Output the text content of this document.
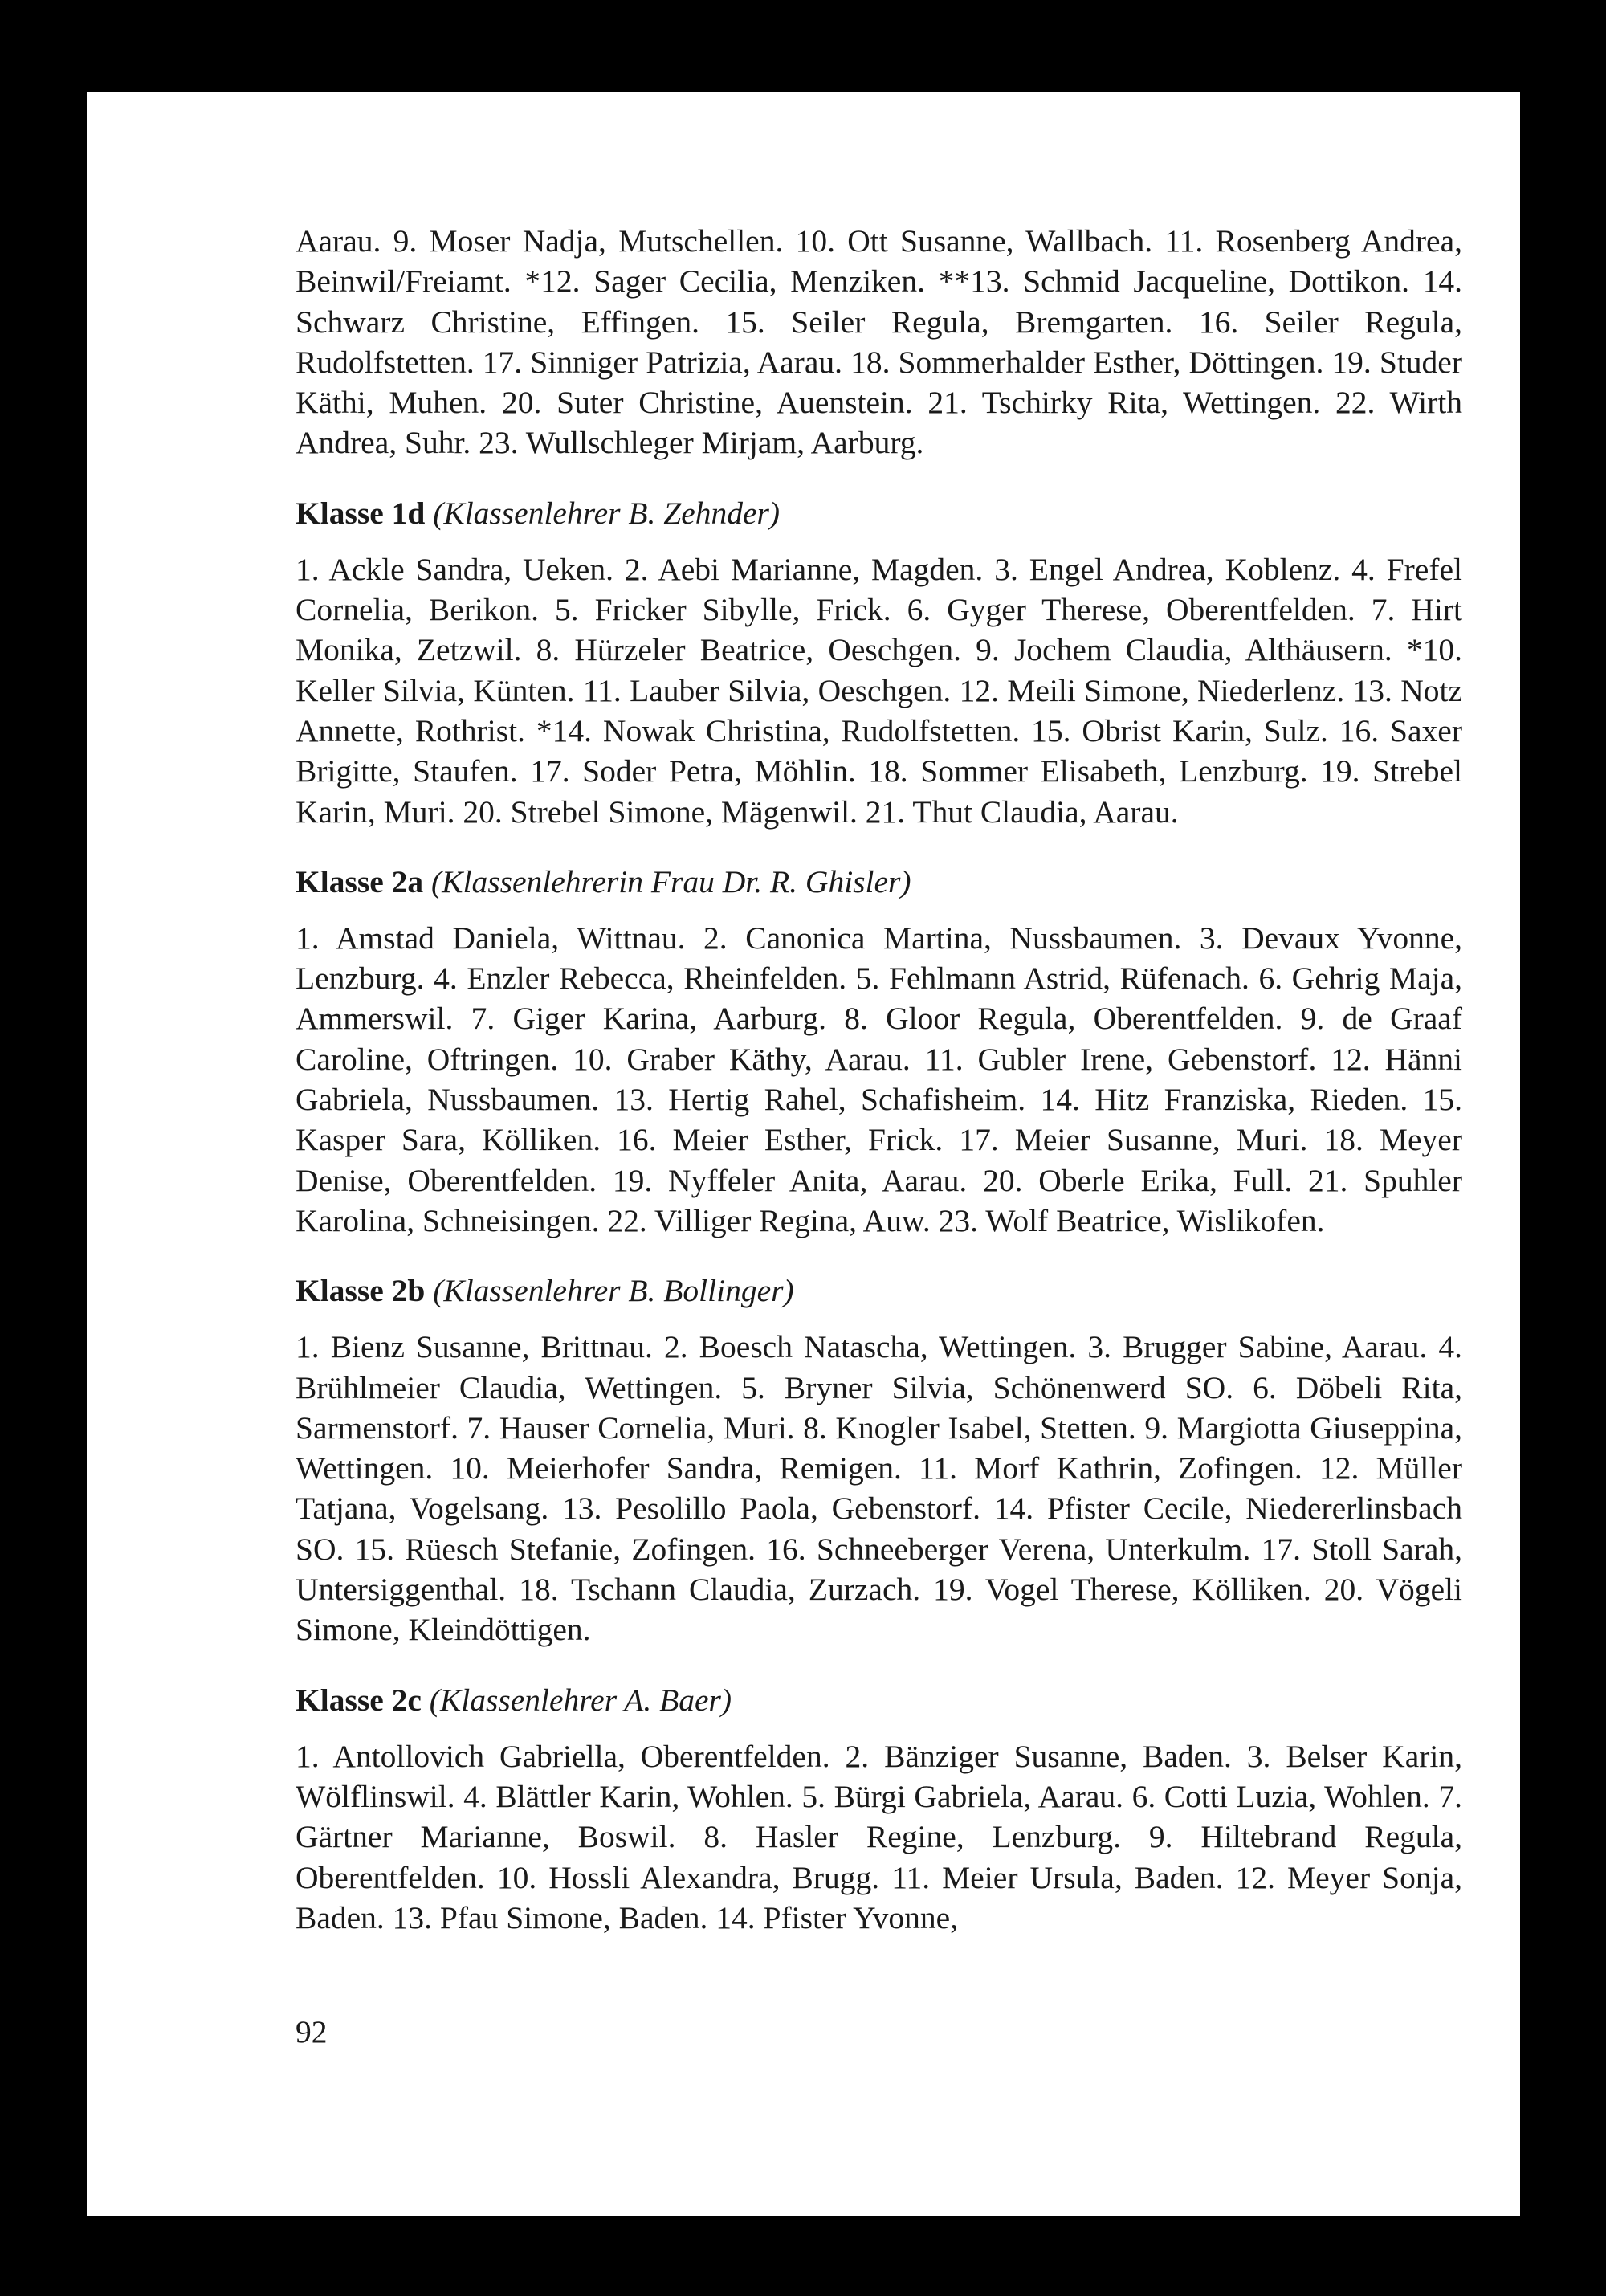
Aarau. 9. Moser Nadja, Mutschellen. 10. Ott Susanne, Wallbach. 11. Rosenberg Andrea, Beinwil/Freiamt. *12. Sager Cecilia, Menziken. **13. Schmid Jacqueline, Dottikon. 14. Schwarz Christine, Effingen. 15. Seiler Regula, Bremgarten. 16. Seiler Regula, Rudolfstetten. 17. Sinniger Patrizia, Aarau. 18. Sommerhalder Esther, Döttingen. 19. Studer Käthi, Muhen. 20. Suter Christine, Auenstein. 21. Tschirky Rita, Wettingen. 22. Wirth Andrea, Suhr. 23. Wullschleger Mirjam, Aarburg.

Klasse 1d (Klassenlehrer B. Zehnder)

1. Ackle Sandra, Ueken. 2. Aebi Marianne, Magden. 3. Engel Andrea, Koblenz. 4. Frefel Cornelia, Berikon. 5. Fricker Sibylle, Frick. 6. Gyger Therese, Oberentfelden. 7. Hirt Monika, Zetzwil. 8. Hürzeler Beatrice, Oeschgen. 9. Jochem Claudia, Althäusern. *10. Keller Silvia, Künten. 11. Lauber Silvia, Oeschgen. 12. Meili Simone, Niederlenz. 13. Notz Annette, Rothrist. *14. Nowak Christina, Rudolfstetten. 15. Obrist Karin, Sulz. 16. Saxer Brigitte, Staufen. 17. Soder Petra, Möhlin. 18. Sommer Elisabeth, Lenzburg. 19. Strebel Karin, Muri. 20. Strebel Simone, Mägenwil. 21. Thut Claudia, Aarau.

Klasse 2a (Klassenlehrerin Frau Dr. R. Ghisler)

1. Amstad Daniela, Wittnau. 2. Canonica Martina, Nussbaumen. 3. Devaux Yvonne, Lenzburg. 4. Enzler Rebecca, Rheinfelden. 5. Fehlmann Astrid, Rüfenach. 6. Gehrig Maja, Ammerswil. 7. Giger Karina, Aarburg. 8. Gloor Regula, Oberentfelden. 9. de Graaf Caroline, Oftringen. 10. Graber Käthy, Aarau. 11. Gubler Irene, Gebenstorf. 12. Hänni Gabriela, Nussbaumen. 13. Hertig Rahel, Schafisheim. 14. Hitz Franziska, Rieden. 15. Kasper Sara, Kölliken. 16. Meier Esther, Frick. 17. Meier Susanne, Muri. 18. Meyer Denise, Oberentfelden. 19. Nyffeler Anita, Aarau. 20. Oberle Erika, Full. 21. Spuhler Karolina, Schneisingen. 22. Villiger Regina, Auw. 23. Wolf Beatrice, Wislikofen.

Klasse 2b (Klassenlehrer B. Bollinger)

1. Bienz Susanne, Brittnau. 2. Boesch Natascha, Wettingen. 3. Brugger Sabine, Aarau. 4. Brühlmeier Claudia, Wettingen. 5. Bryner Silvia, Schönenwerd SO. 6. Döbeli Rita, Sarmenstorf. 7. Hauser Cornelia, Muri. 8. Knogler Isabel, Stetten. 9. Margiotta Giuseppina, Wettingen. 10. Meierhofer Sandra, Remigen. 11. Morf Kathrin, Zofingen. 12. Müller Tatjana, Vogelsang. 13. Pesolillo Paola, Gebenstorf. 14. Pfister Cecile, Niedererlinsbach SO. 15. Rüesch Stefanie, Zofingen. 16. Schneeberger Verena, Unterkulm. 17. Stoll Sarah, Untersiggenthal. 18. Tschann Claudia, Zurzach. 19. Vogel Therese, Kölliken. 20. Vögeli Simone, Kleindöttigen.

Klasse 2c (Klassenlehrer A. Baer)

1. Antollovich Gabriella, Oberentfelden. 2. Bänziger Susanne, Baden. 3. Belser Karin, Wölflinswil. 4. Blättler Karin, Wohlen. 5. Bürgi Gabriela, Aarau. 6. Cotti Luzia, Wohlen. 7. Gärtner Marianne, Boswil. 8. Hasler Regine, Lenzburg. 9. Hiltebrand Regula, Oberentfelden. 10. Hossli Alexandra, Brugg. 11. Meier Ursula, Baden. 12. Meyer Sonja, Baden. 13. Pfau Simone, Baden. 14. Pfister Yvonne,

92
